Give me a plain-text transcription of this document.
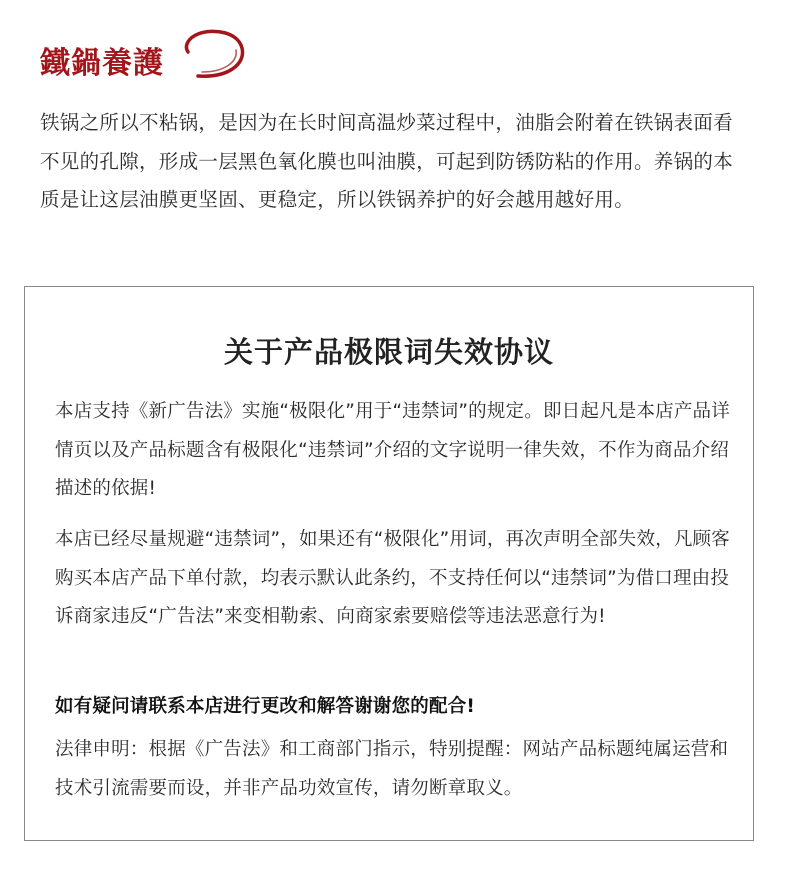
鐵鍋養護

铁锅之所以不粘锅，是因为在长时间高温炒菜过程中，油脂会附着在铁锅表面看不见的孔隙，形成一层黑色氧化膜也叫油膜，可起到防锈防粘的作用。养锅的本质是让这层油膜更坚固、更稳定，所以铁锅养护的好会越用越好用。

关于产品极限词失效协议

本店支持《新广告法》实施“极限化”用于“违禁词”的规定。即日起凡是本店产品详情页以及产品标题含有极限化“违禁词”介绍的文字说明一律失效，不作为商品介绍描述的依据!

本店已经尽量规避“违禁词”，如果还有“极限化”用词，再次声明全部失效，凡顾客购买本店产品下单付款，均表示默认此条约，不支持任何以“违禁词”为借口理由投诉商家违反“广告法”来变相勒索、向商家索要赔偿等违法恶意行为!

如有疑问请联系本店进行更改和解答谢谢您的配合!

法律申明：根据《广告法》和工商部门指示，特别提醒：网站产品标题纯属运营和技术引流需要而设，并非产品功效宣传，请勿断章取义。
